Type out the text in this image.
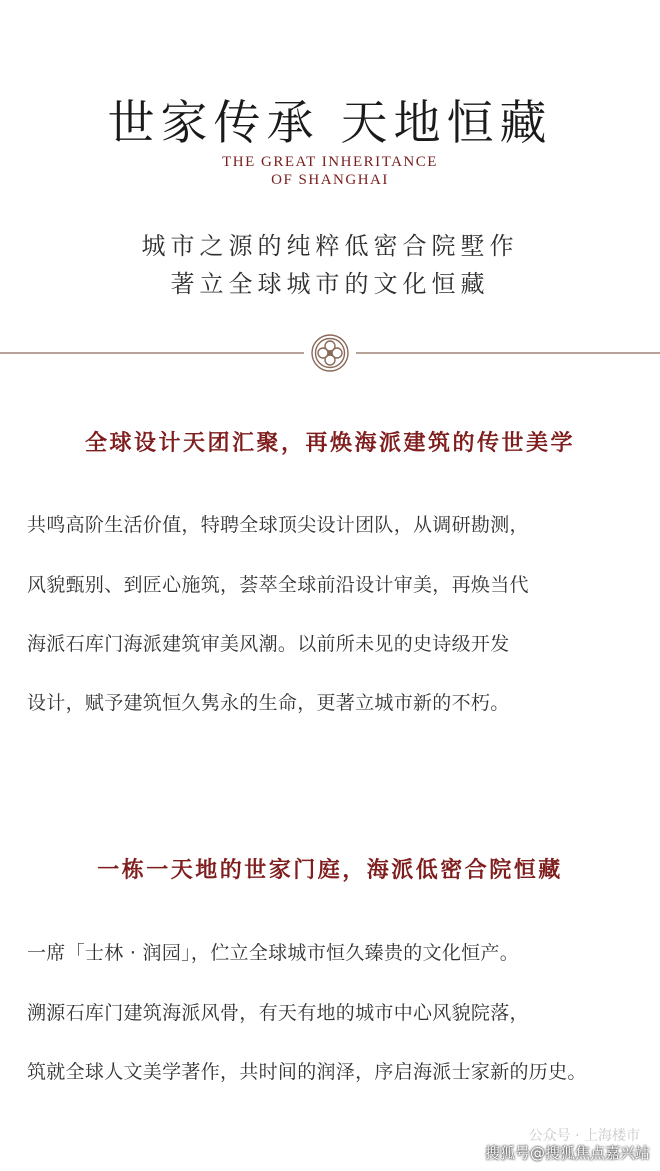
世家传承 天地恒藏
THE GREAT INHERITANCE
OF SHANGHAI
城市之源的纯粹低密合院墅作
著立全球城市的文化恒藏
全球设计天团汇聚，再焕海派建筑的传世美学
共鸣高阶生活价值，特聘全球顶尖设计团队，从调研勘测，
风貌甄别、到匠心施筑，荟萃全球前沿设计审美，再焕当代
海派石库门海派建筑审美风潮。以前所未见的史诗级开发
设计，赋予建筑恒久隽永的生命，更著立城市新的不朽。
一栋一天地的世家门庭，海派低密合院恒藏
一席「士林 · 润园」，伫立全球城市恒久臻贵的文化恒产。
溯源石库门建筑海派风骨，有天有地的城市中心风貌院落，
筑就全球人文美学著作，共时间的润泽，序启海派士家新的历史。
公众号 · 上海楼市
搜狐号@搜狐焦点嘉兴站
